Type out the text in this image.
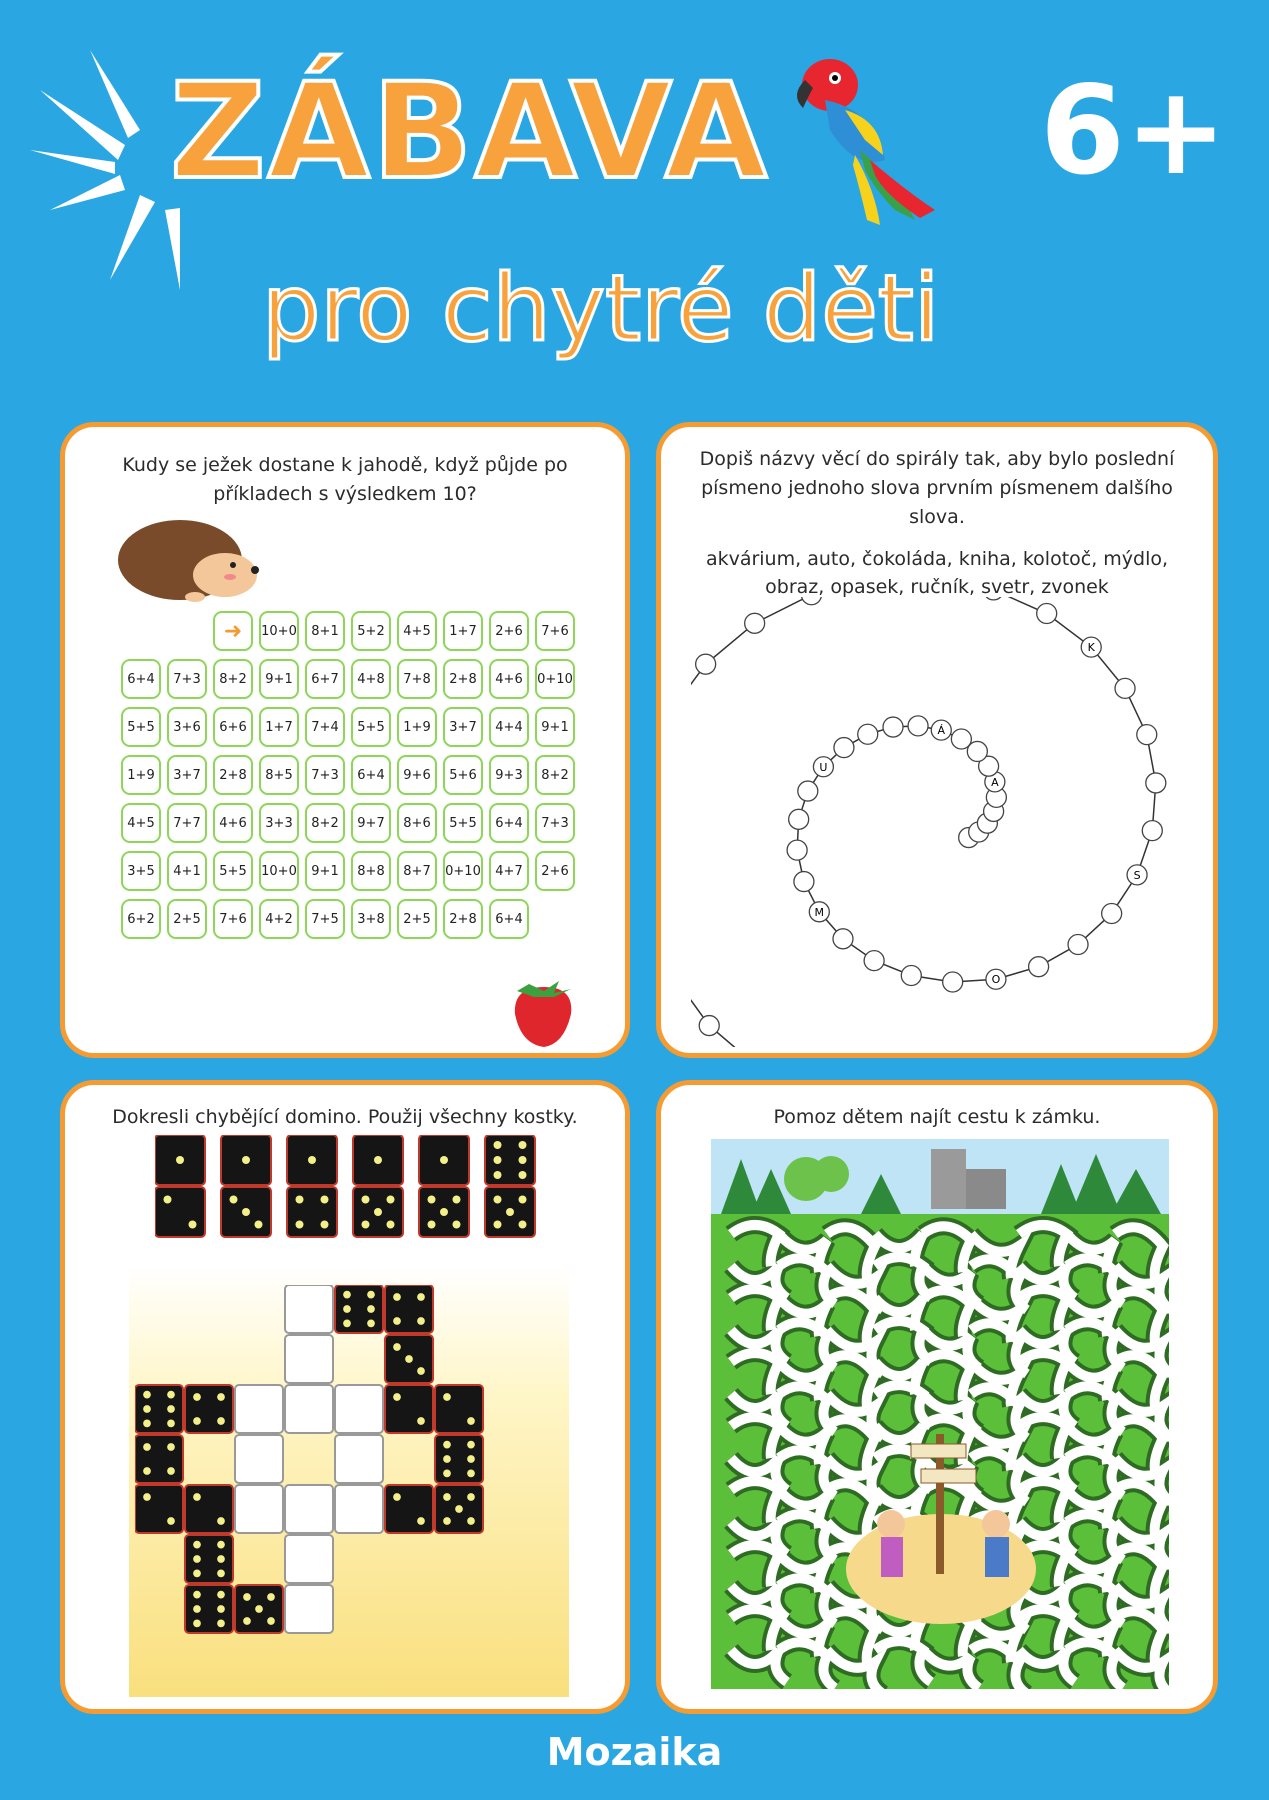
ZÁBAVA
pro chytré děti
6+
Kudy se ježek dostane k jahodě, když půjde po příkladech s výsledkem 10?
➜ 10+0	8+1	5+2	4+5	1+7	2+6	7+6
6+4	7+3	8+2	9+1	6+7	4+8	7+8	2+8	4+6	0+10
5+5	3+6	6+6	1+7	7+4	5+5	1+9	3+7	4+4	9+1
1+9	3+7	2+8	8+5	7+3	6+4	9+6	5+6	9+3	8+2
4+5	7+7	4+6	3+3	8+2	9+7	8+6	5+5	6+4	7+3
3+5	4+1	5+5	10+0	9+1	8+8	8+7	0+10	4+7	2+6
6+2	2+5	7+6	4+2	7+5	3+8	2+5	2+8	6+4
Dopiš názvy věcí do spirály tak, aby bylo poslední písmeno jednoho slova prvním písmenem dalšího slova.
akvárium, auto, čokoláda, kniha, kolotoč, mýdlo, obraz, opasek, ručník, svetr, zvonek
A
Á
U
M
O
S
K
Dokresli chybějící domino. Použij všechny kostky.	Pomoz dětem najít cestu k zámku.
Mozaika
